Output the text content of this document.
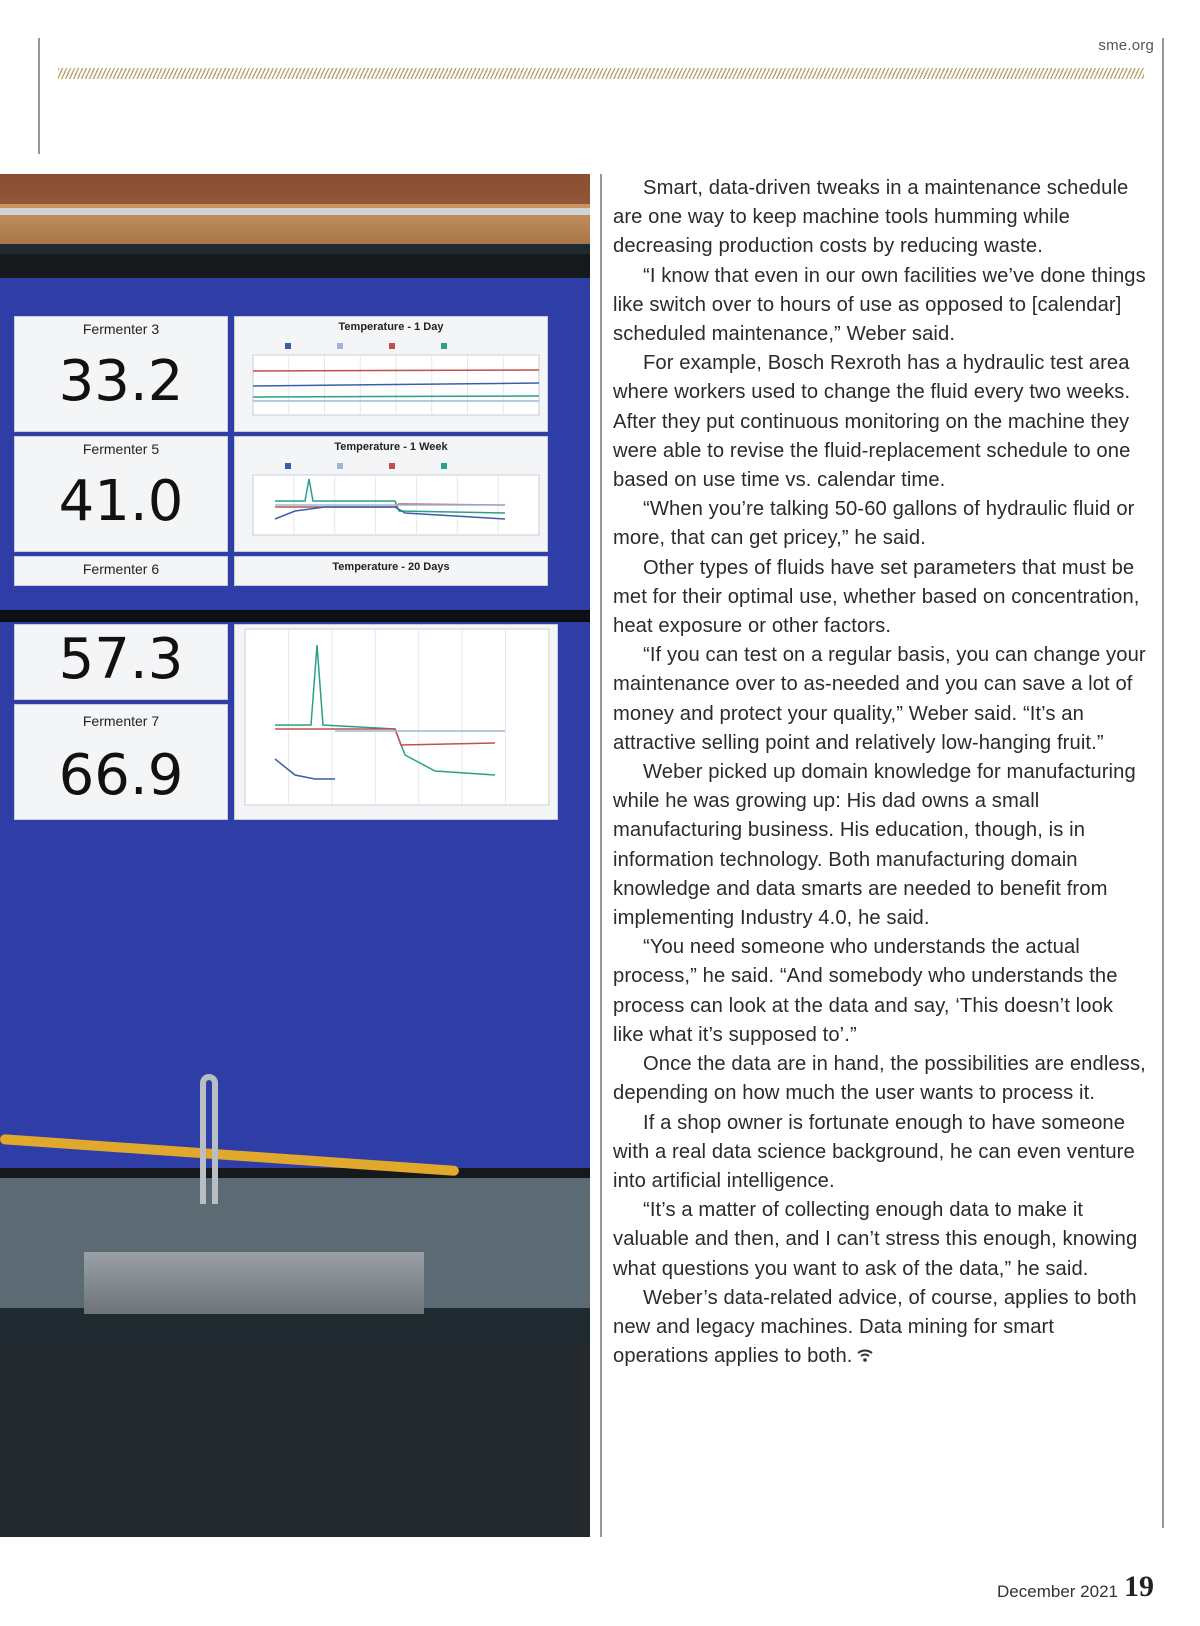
sme.org
Fermenter 3
33.2
Fermenter 5
41.0
Fermenter 6
Temperature - 1 Day
Temperature - 1 Week
Temperature - 20 Days
57.3
Fermenter 7
66.9

Smart, data-driven tweaks in a maintenance schedule are one way to keep machine tools humming while decreasing production costs by reducing waste.

“I know that even in our own facilities we’ve done things like switch over to hours of use as opposed to [calendar] scheduled maintenance,” Weber said.

For example, Bosch Rexroth has a hydraulic test area where workers used to change the fluid every two weeks. After they put continuous monitoring on the machine they were able to revise the fluid-replacement schedule to one based on use time vs. calendar time.

“When you’re talking 50-60 gallons of hydraulic fluid or more, that can get pricey,” he said.

Other types of fluids have set parameters that must be met for their optimal use, whether based on concentration, heat exposure or other factors.

“If you can test on a regular basis, you can change your maintenance over to as-needed and you can save a lot of money and protect your quality,” Weber said. “It’s an attractive selling point and relatively low-hanging fruit.”

Weber picked up domain knowledge for manufacturing while he was growing up: His dad owns a small manufacturing business. His education, though, is in information technology. Both manufacturing domain knowledge and data smarts are needed to benefit from implementing Industry 4.0, he said.

“You need someone who understands the actual process,” he said. “And somebody who understands the process can look at the data and say, ‘This doesn’t look like what it’s supposed to’.”

Once the data are in hand, the possibilities are endless, depending on how much the user wants to process it.

If a shop owner is fortunate enough to have someone with a real data science background, he can even venture into artificial intelligence.

“It’s a matter of collecting enough data to make it valuable and then, and I can’t stress this enough, knowing what questions you want to ask of the data,” he said.

Weber’s data-related advice, of course, applies to both new and legacy machines. Data mining for smart operations applies to both.

December 2021 19
